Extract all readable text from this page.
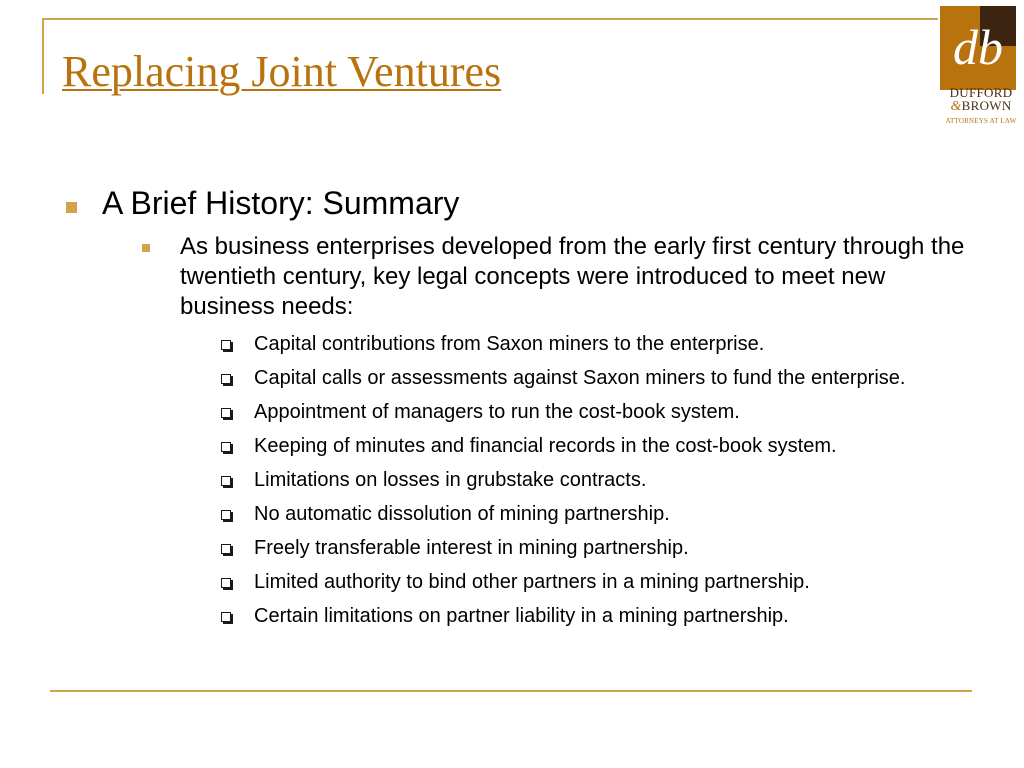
Replacing Joint Ventures	db
DUFFORD
&BROWN
ATTORNEYS AT LAW
A Brief History: Summary
As business enterprises developed from the early first century through the twentieth century, key legal concepts were introduced to meet new business needs:
Capital contributions from Saxon miners to the enterprise.
Capital calls or assessments against Saxon miners to fund the enterprise.
Appointment of managers to run the cost-book system.
Keeping of minutes and financial records in the cost-book system.
Limitations on losses in grubstake contracts.
No automatic dissolution of mining partnership.
Freely transferable interest in mining partnership.
Limited authority to bind other partners in a mining partnership.
Certain limitations on partner liability in a mining partnership.
